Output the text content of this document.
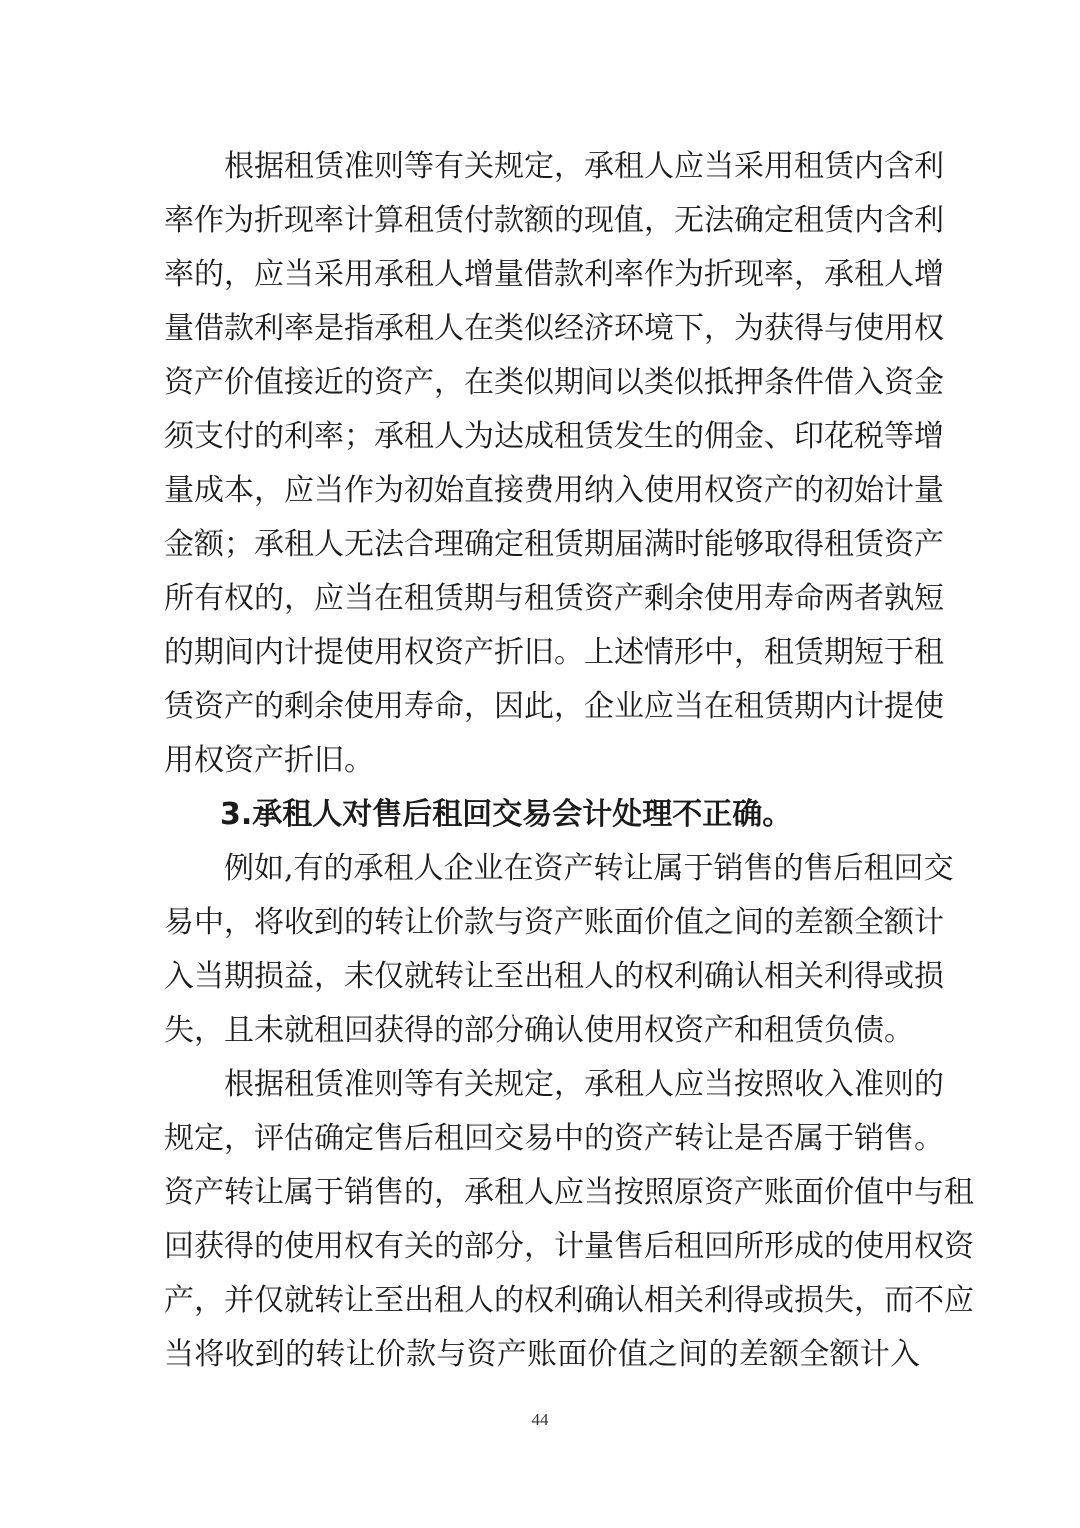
根据租赁准则等有关规定，承租人应当采用租赁内含利
率作为折现率计算租赁付款额的现值，无法确定租赁内含利
率的，应当采用承租人增量借款利率作为折现率，承租人增
量借款利率是指承租人在类似经济环境下，为获得与使用权
资产价值接近的资产，在类似期间以类似抵押条件借入资金
须支付的利率；承租人为达成租赁发生的佣金、印花税等增
量成本，应当作为初始直接费用纳入使用权资产的初始计量
金额；承租人无法合理确定租赁期届满时能够取得租赁资产
所有权的，应当在租赁期与租赁资产剩余使用寿命两者孰短
的期间内计提使用权资产折旧。上述情形中，租赁期短于租
赁资产的剩余使用寿命，因此，企业应当在租赁期内计提使
用权资产折旧。
3.承租人对售后租回交易会计处理不正确。
例如,有的承租人企业在资产转让属于销售的售后租回交
易中，将收到的转让价款与资产账面价值之间的差额全额计
入当期损益，未仅就转让至出租人的权利确认相关利得或损
失，且未就租回获得的部分确认使用权资产和租赁负债。
根据租赁准则等有关规定，承租人应当按照收入准则的
规定，评估确定售后租回交易中的资产转让是否属于销售。
资产转让属于销售的，承租人应当按照原资产账面价值中与租
回获得的使用权有关的部分，计量售后租回所形成的使用权资
产，并仅就转让至出租人的权利确认相关利得或损失，而不应
当将收到的转让价款与资产账面价值之间的差额全额计入
44
